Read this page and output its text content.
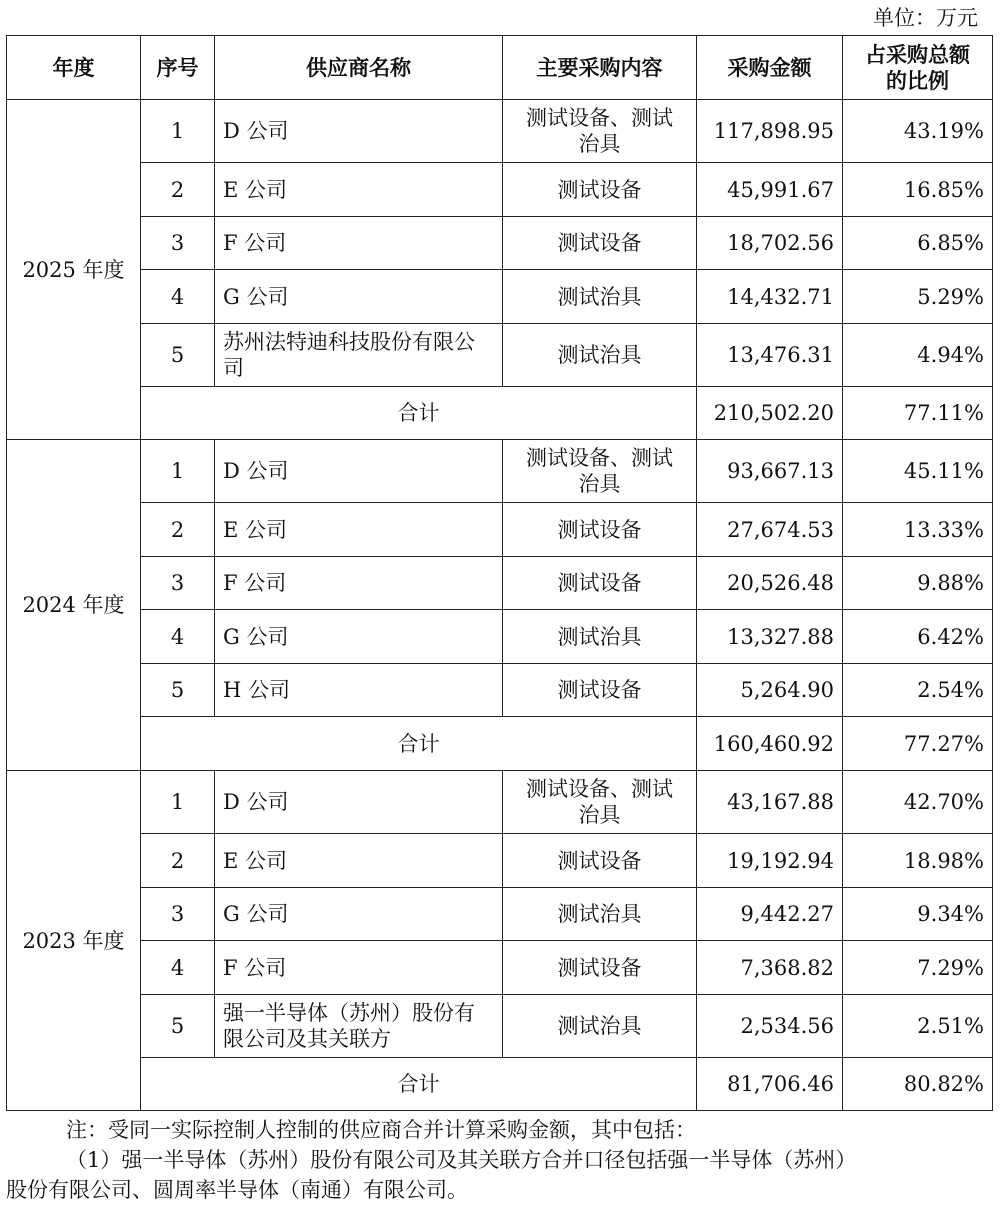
单位：万元
年度	序号	供应商名称	主要采购内容	采购金额	占采购总额的比例
2025 年度	1	D 公司	测试设备、测试治具	117,898.95	43.19%
	2	E 公司	测试设备	45,991.67	16.85%
	3	F 公司	测试设备	18,702.56	6.85%
	4	G 公司	测试治具	14,432.71	5.29%
	5	苏州法特迪科技股份有限公司	测试治具	13,476.31	4.94%
	合计			210,502.20	77.11%
2024 年度	1	D 公司	测试设备、测试治具	93,667.13	45.11%
	2	E 公司	测试设备	27,674.53	13.33%
	3	F 公司	测试设备	20,526.48	9.88%
	4	G 公司	测试治具	13,327.88	6.42%
	5	H 公司	测试设备	5,264.90	2.54%
	合计			160,460.92	77.27%
2023 年度	1	D 公司	测试设备、测试治具	43,167.88	42.70%
	2	E 公司	测试设备	19,192.94	18.98%
	3	G 公司	测试治具	9,442.27	9.34%
	4	F 公司	测试设备	7,368.82	7.29%
	5	强一半导体（苏州）股份有限公司及其关联方	测试治具	2,534.56	2.51%
	合计			81,706.46	80.82%

注：受同一实际控制人控制的供应商合并计算采购金额，其中包括：

（1）强一半导体（苏州）股份有限公司及其关联方合并口径包括强一半导体（苏州）

股份有限公司、圆周率半导体（南通）有限公司。
